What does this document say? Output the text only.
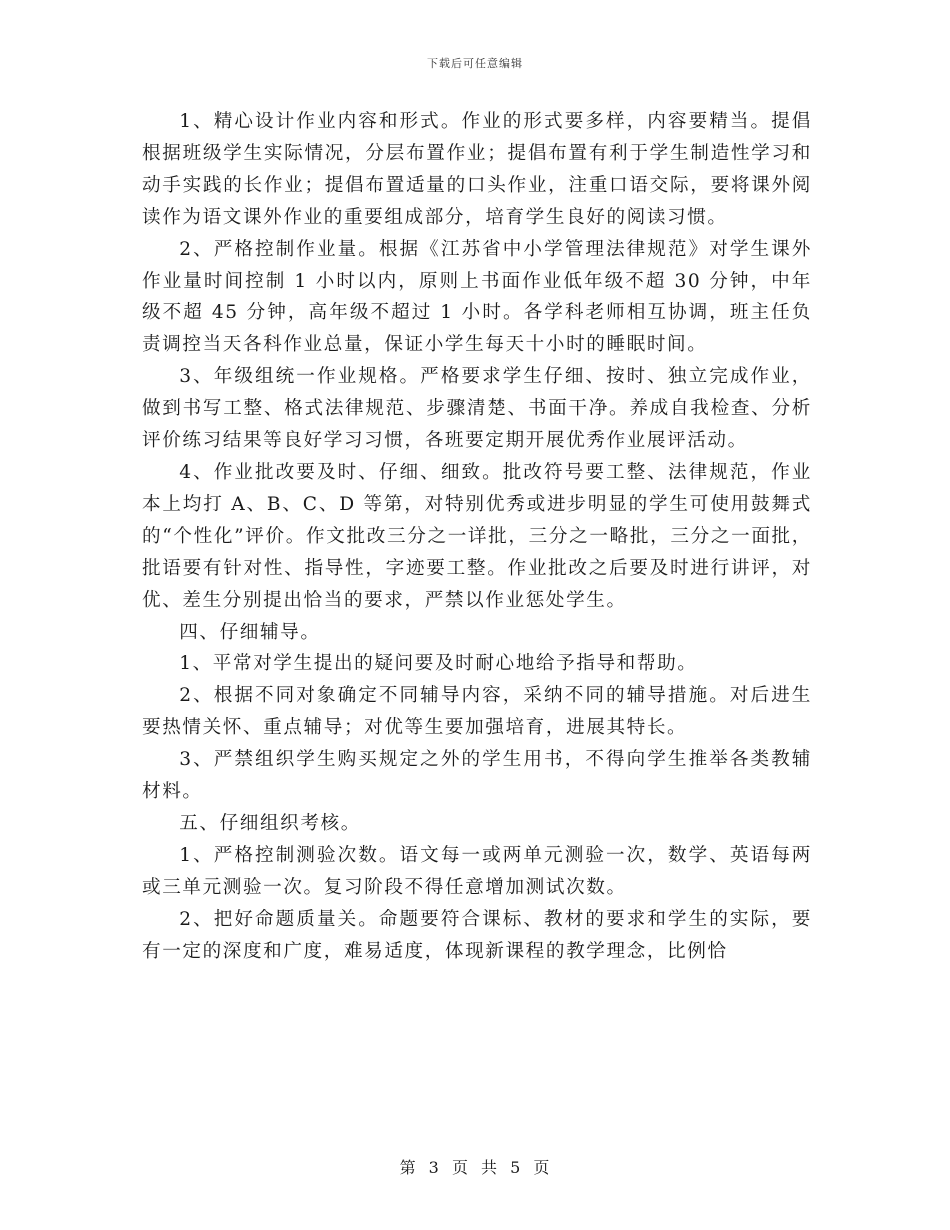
下载后可任意编辑

1、精心设计作业内容和形式。作业的形式要多样，内容要精当。提倡根据班级学生实际情况，分层布置作业；提倡布置有利于学生制造性学习和动手实践的长作业；提倡布置适量的口头作业，注重口语交际，要将课外阅读作为语文课外作业的重要组成部分，培育学生良好的阅读习惯。

2、严格控制作业量。根据《江苏省中小学管理法律规范》对学生课外作业量时间控制 1 小时以内，原则上书面作业低年级不超 30 分钟，中年级不超 45 分钟，高年级不超过 1 小时。各学科老师相互协调，班主任负责调控当天各科作业总量，保证小学生每天十小时的睡眠时间。

3、年级组统一作业规格。严格要求学生仔细、按时、独立完成作业，做到书写工整、格式法律规范、步骤清楚、书面干净。养成自我检查、分析评价练习结果等良好学习习惯，各班要定期开展优秀作业展评活动。

4、作业批改要及时、仔细、细致。批改符号要工整、法律规范，作业本上均打 A、B、C、D 等第，对特别优秀或进步明显的学生可使用鼓舞式的“个性化”评价。作文批改三分之一详批，三分之一略批，三分之一面批，批语要有针对性、指导性，字迹要工整。作业批改之后要及时进行讲评，对优、差生分别提出恰当的要求，严禁以作业惩处学生。

四、仔细辅导。

1、平常对学生提出的疑问要及时耐心地给予指导和帮助。

2、根据不同对象确定不同辅导内容，采纳不同的辅导措施。对后进生要热情关怀、重点辅导；对优等生要加强培育，进展其特长。

3、严禁组织学生购买规定之外的学生用书，不得向学生推举各类教辅材料。

五、仔细组织考核。

1、严格控制测验次数。语文每一或两单元测验一次，数学、英语每两或三单元测验一次。复习阶段不得任意增加测试次数。

2、把好命题质量关。命题要符合课标、教材的要求和学生的实际，要有一定的深度和广度，难易适度，体现新课程的教学理念，比例恰

第 3 页 共 5 页
